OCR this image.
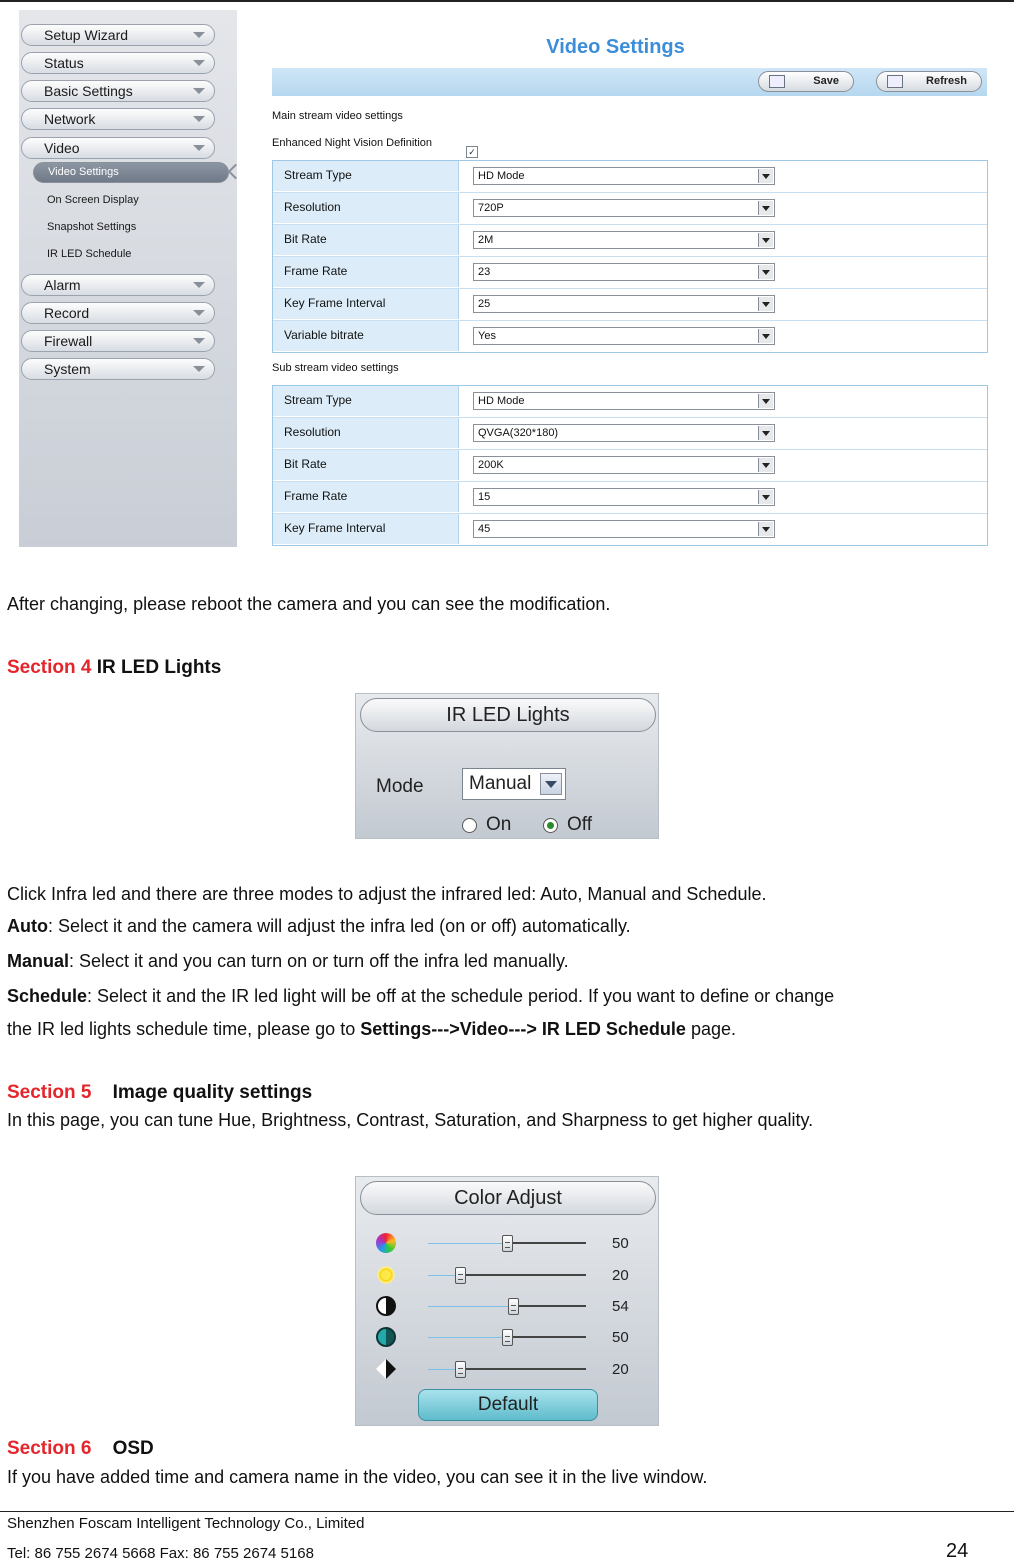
Setup Wizard
Status
Basic Settings
Network
Video
Video Settings
On Screen Display
Snapshot Settings
IR LED Schedule
Alarm
Record
Firewall
System
Video Settings
Save	Refresh
Main stream video settings
Enhanced Night Vision Definition
✓
Stream Type	HD Mode
Resolution	720P
Bit Rate	2M
Frame Rate	23
Key Frame Interval	25
Variable bitrate	Yes
Sub stream video settings
Stream Type	HD Mode
Resolution	QVGA(320*180)
Bit Rate	200K
Frame Rate	15
Key Frame Interval	45
After changing, please reboot the camera and you can see the modification.
Section 4 IR LED Lights
IR LED Lights
Mode	Manual
On	Off
Click Infra led and there are three modes to adjust the infrared led: Auto, Manual and Schedule.
Auto: Select it and the camera will adjust the infra led (on or off) automatically.
Manual: Select it and you can turn on or turn off the infra led manually.
Schedule: Select it and the IR led light will be off at the schedule period. If you want to define or change
the IR led lights schedule time, please go to Settings--->Video---> IR LED Schedule page.
Section 5 Image quality settings
In this page, you can tune Hue, Brightness, Contrast, Saturation, and Sharpness to get higher quality.
Color Adjust
50
20
54
50
20
Default
Section 6 OSD
If you have added time and camera name in the video, you can see it in the live window.
Shenzhen Foscam Intelligent Technology Co., Limited
Tel: 86 755 2674 5668 Fax: 86 755 2674 5168	24
